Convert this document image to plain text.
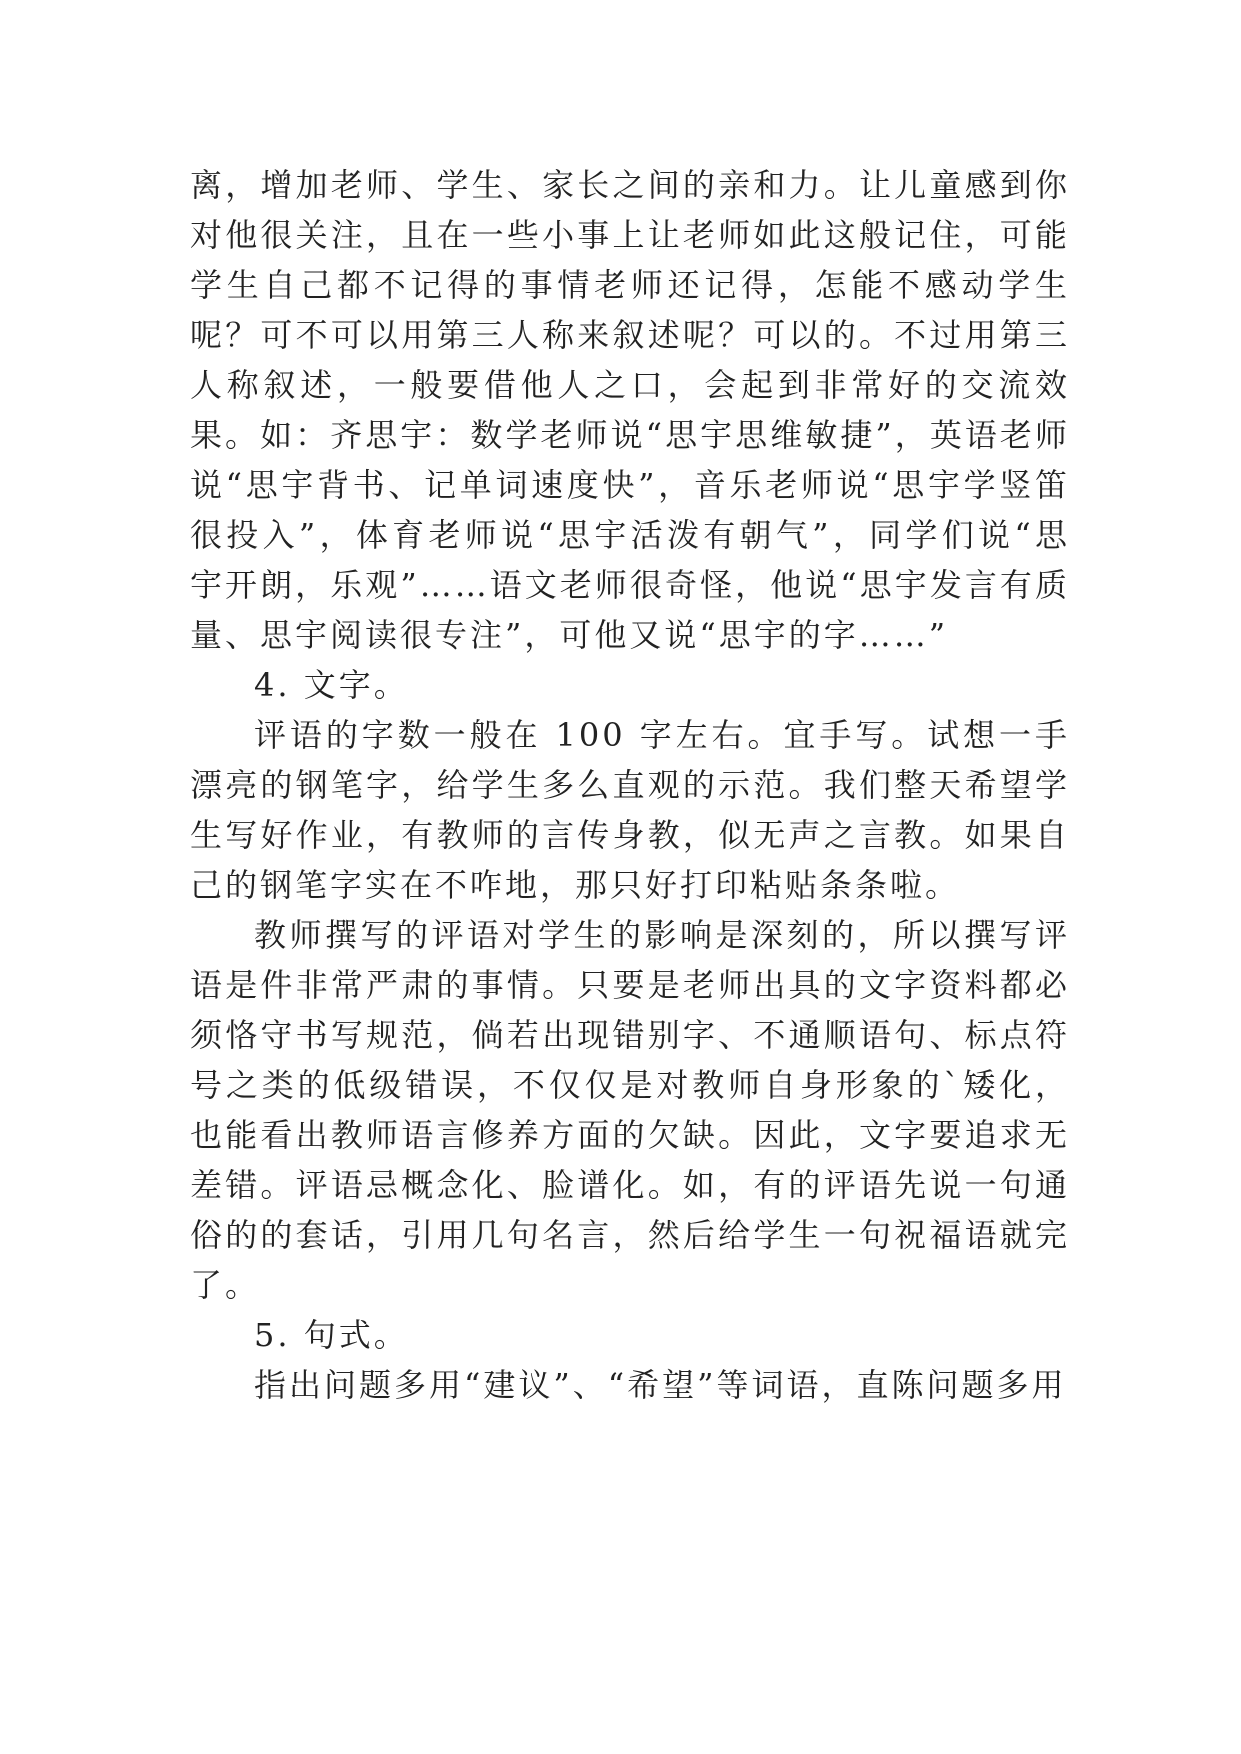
离，增加老师、学生、家长之间的亲和力。让儿童感到你对他很关注，且在一些小事上让老师如此这般记住，可能学生自己都不记得的事情老师还记得，怎能不感动学生呢？可不可以用第三人称来叙述呢？可以的。不过用第三人称叙述，一般要借他人之口，会起到非常好的交流效果。如：齐思宇：数学老师说“思宇思维敏捷”，英语老师说“思宇背书、记单词速度快”，音乐老师说“思宇学竖笛很投入”，体育老师说“思宇活泼有朝气”，同学们说“思宇开朗，乐观”……语文老师很奇怪，他说“思宇发言有质量、思宇阅读很专注”，可他又说“思宇的字……”

4. 文字。

评语的字数一般在 100 字左右。宜手写。试想一手漂亮的钢笔字，给学生多么直观的示范。我们整天希望学生写好作业，有教师的言传身教，似无声之言教。如果自己的钢笔字实在不咋地，那只好打印粘贴条条啦。

教师撰写的评语对学生的影响是深刻的，所以撰写评语是件非常严肃的事情。只要是老师出具的文字资料都必须恪守书写规范，倘若出现错别字、不通顺语句、标点符号之类的低级错误，不仅仅是对教师自身形象的`矮化，也能看出教师语言修养方面的欠缺。因此，文字要追求无差错。评语忌概念化、脸谱化。如，有的评语先说一句通俗的的套话，引用几句名言，然后给学生一句祝福语就完了。

5. 句式。

指出问题多用“建议”、“希望”等词语，直陈问题多用
